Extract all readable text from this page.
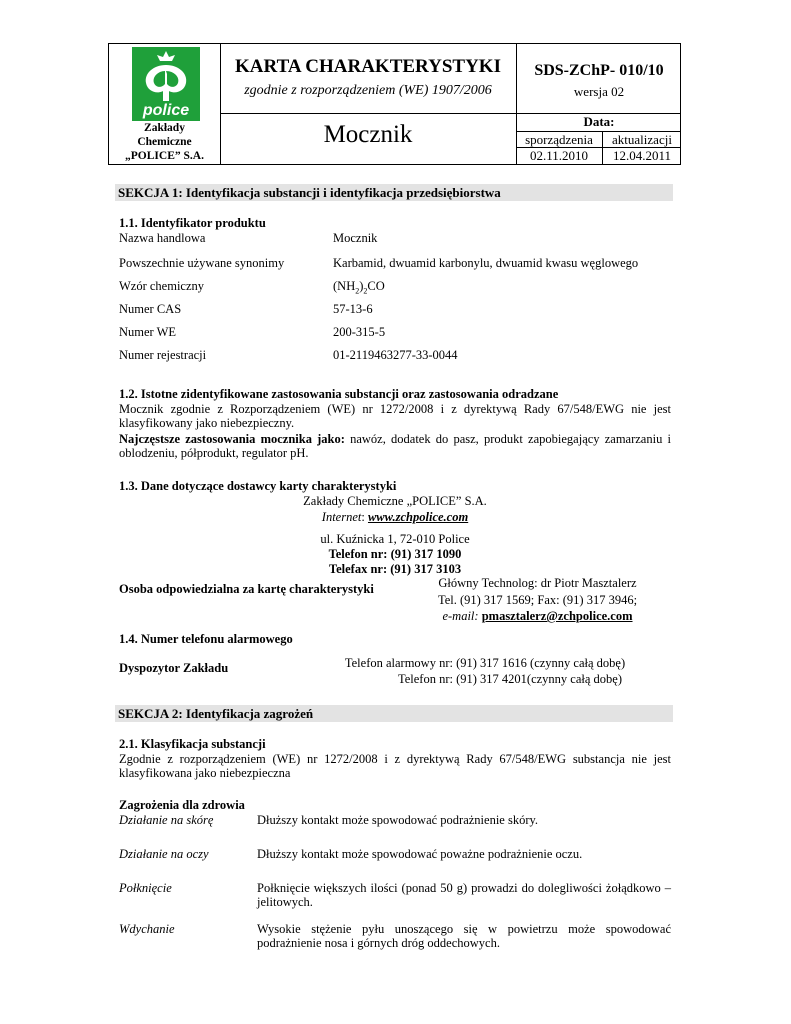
police
Zakłady
Chemiczne
„POLICE” S.A.
KARTA CHARAKTERYSTYKI
zgodnie z rozporządzeniem (WE) 1907/2006
SDS-ZChP- 010/10
wersja 02
Mocznik	Data:
sporządzenia	aktualizacji
02.11.2010	12.04.2011
SEKCJA 1: Identyfikacja substancji i identyfikacja przedsiębiorstwa
1.1. Identyfikator produktu
Nazwa handlowa	Mocznik
Powszechnie używane synonimy	Karbamid, dwuamid karbonylu, dwuamid kwasu węglowego
Wzór chemiczny	$(NH_2)_2CO$
Numer CAS	57-13-6
Numer WE	200-315-5
Numer rejestracji	01-2119463277-33-0044
1.2. Istotne zidentyfikowane zastosowania substancji oraz zastosowania odradzane
Mocznik zgodnie z Rozporządzeniem (WE) nr 1272/2008 i z dyrektywą Rady 67/548/EWG nie jest klasyfikowany jako niebezpieczny.
Najczęstsze zastosowania mocznika jako: nawóz, dodatek do pasz, produkt zapobiegający zamarzaniu i oblodzeniu, półprodukt, regulator pH.
1.3. Dane dotyczące dostawcy karty charakterystyki
Zakłady Chemiczne „POLICE” S.A.
Internet: www.zchpolice.com
ul. Kuźnicka 1, 72-010 Police
Telefon nr: (91) 317 1090
Telefax nr: (91) 317 3103
Osoba odpowiedzialna za kartę charakterystyki	Główny Technolog: dr Piotr Masztalerz
Tel. (91) 317 1569; Fax: (91) 317 3946;
e-mail: pmasztalerz@zchpolice.com
1.4. Numer telefonu alarmowego
Dyspozytor Zakładu	Telefon alarmowy nr: (91) 317 1616 (czynny całą dobę)
Telefon nr: (91) 317 4201(czynny całą dobę)
SEKCJA 2: Identyfikacja zagrożeń
2.1. Klasyfikacja substancji
Zgodnie z rozporządzeniem (WE) nr 1272/2008 i z dyrektywą Rady 67/548/EWG substancja nie jest klasyfikowana jako niebezpieczna
Zagrożenia dla zdrowia
Działanie na skórę	Dłuższy kontakt może spowodować podrażnienie skóry.
Działanie na oczy	Dłuższy kontakt może spowodować poważne podrażnienie oczu.
Połknięcie	Połknięcie większych ilości (ponad 50 g) prowadzi do dolegliwości żołądkowo – jelitowych.
Wdychanie	Wysokie stężenie pyłu unoszącego się w powietrzu może spowodować podrażnienie nosa i górnych dróg oddechowych.
